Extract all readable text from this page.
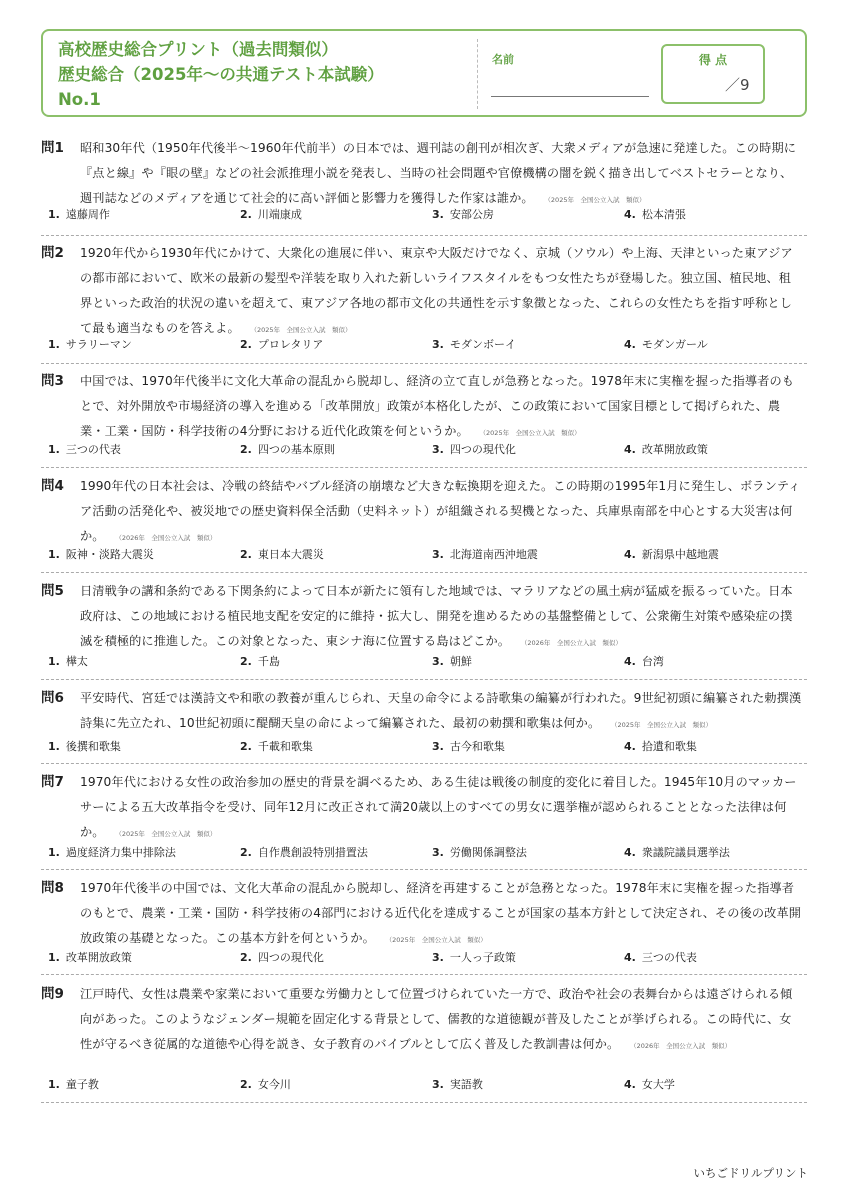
高校歴史総合プリント（過去問類似）
歴史総合（2025年～の共通テスト本試験）
No.1
名前	得 点
／9
問1 昭和30年代（1950年代後半～1960年代前半）の日本では、週刊誌の創刊が相次ぎ、大衆メディアが急速に発達した。この時期に『点と線』や『眼の壁』などの社会派推理小説を発表し、当時の社会問題や官僚機構の闇を鋭く描き出してベストセラーとなり、週刊誌などのメディアを通じて社会的に高い評価と影響力を獲得した作家は誰か。 （2025年　全国公立入試　類似）
1. 遠藤周作	2. 川端康成	3. 安部公房	4. 松本清張
問2 1920年代から1930年代にかけて、大衆化の進展に伴い、東京や大阪だけでなく、京城（ソウル）や上海、天津といった東アジアの都市部において、欧米の最新の髪型や洋装を取り入れた新しいライフスタイルをもつ女性たちが登場した。独立国、植民地、租界といった政治的状況の違いを超えて、東アジア各地の都市文化の共通性を示す象徴となった、これらの女性たちを指す呼称として最も適当なものを答えよ。 （2025年　全国公立入試　類似）
1. サラリーマン	2. プロレタリア	3. モダンボーイ	4. モダンガール
問3 中国では、1970年代後半に文化大革命の混乱から脱却し、経済の立て直しが急務となった。1978年末に実権を握った指導者のもとで、対外開放や市場経済の導入を進める「改革開放」政策が本格化したが、この政策において国家目標として掲げられた、農業・工業・国防・科学技術の4分野における近代化政策を何というか。 （2025年　全国公立入試　類似）
1. 三つの代表	2. 四つの基本原則	3. 四つの現代化	4. 改革開放政策
問4 1990年代の日本社会は、冷戦の終結やバブル経済の崩壊など大きな転換期を迎えた。この時期の1995年1月に発生し、ボランティア活動の活発化や、被災地での歴史資料保全活動（史料ネット）が組織される契機となった、兵庫県南部を中心とする大災害は何か。 （2026年　全国公立入試　類似）
1. 阪神・淡路大震災	2. 東日本大震災	3. 北海道南西沖地震	4. 新潟県中越地震
問5 日清戦争の講和条約である下関条約によって日本が新たに領有した地域では、マラリアなどの風土病が猛威を振るっていた。日本政府は、この地域における植民地支配を安定的に維持・拡大し、開発を進めるための基盤整備として、公衆衛生対策や感染症の撲滅を積極的に推進した。この対象となった、東シナ海に位置する島はどこか。 （2026年　全国公立入試　類似）
1. 樺太	2. 千島	3. 朝鮮	4. 台湾
問6 平安時代、宮廷では漢詩文や和歌の教養が重んじられ、天皇の命令による詩歌集の編纂が行われた。9世紀初頭に編纂された勅撰漢詩集に先立たれ、10世紀初頭に醍醐天皇の命によって編纂された、最初の勅撰和歌集は何か。 （2025年　全国公立入試　類似）
1. 後撰和歌集	2. 千載和歌集	3. 古今和歌集	4. 拾遺和歌集
問7 1970年代における女性の政治参加の歴史的背景を調べるため、ある生徒は戦後の制度的変化に着目した。1945年10月のマッカーサーによる五大改革指令を受け、同年12月に改正されて満20歳以上のすべての男女に選挙権が認められることとなった法律は何か。 （2025年　全国公立入試　類似）
1. 過度経済力集中排除法	2. 自作農創設特別措置法	3. 労働関係調整法	4. 衆議院議員選挙法
問8 1970年代後半の中国では、文化大革命の混乱から脱却し、経済を再建することが急務となった。1978年末に実権を握った指導者のもとで、農業・工業・国防・科学技術の4部門における近代化を達成することが国家の基本方針として決定され、その後の改革開放政策の基礎となった。この基本方針を何というか。 （2025年　全国公立入試　類似）
1. 改革開放政策	2. 四つの現代化	3. 一人っ子政策	4. 三つの代表
問9 江戸時代、女性は農業や家業において重要な労働力として位置づけられていた一方で、政治や社会の表舞台からは遠ざけられる傾向があった。このようなジェンダー規範を固定化する背景として、儒教的な道徳観が普及したことが挙げられる。この時代に、女性が守るべき従属的な道徳や心得を説き、女子教育のバイブルとして広く普及した教訓書は何か。 （2026年　全国公立入試　類似）
1. 童子教	2. 女今川	3. 実語教	4. 女大学
いちごドリルプリント
